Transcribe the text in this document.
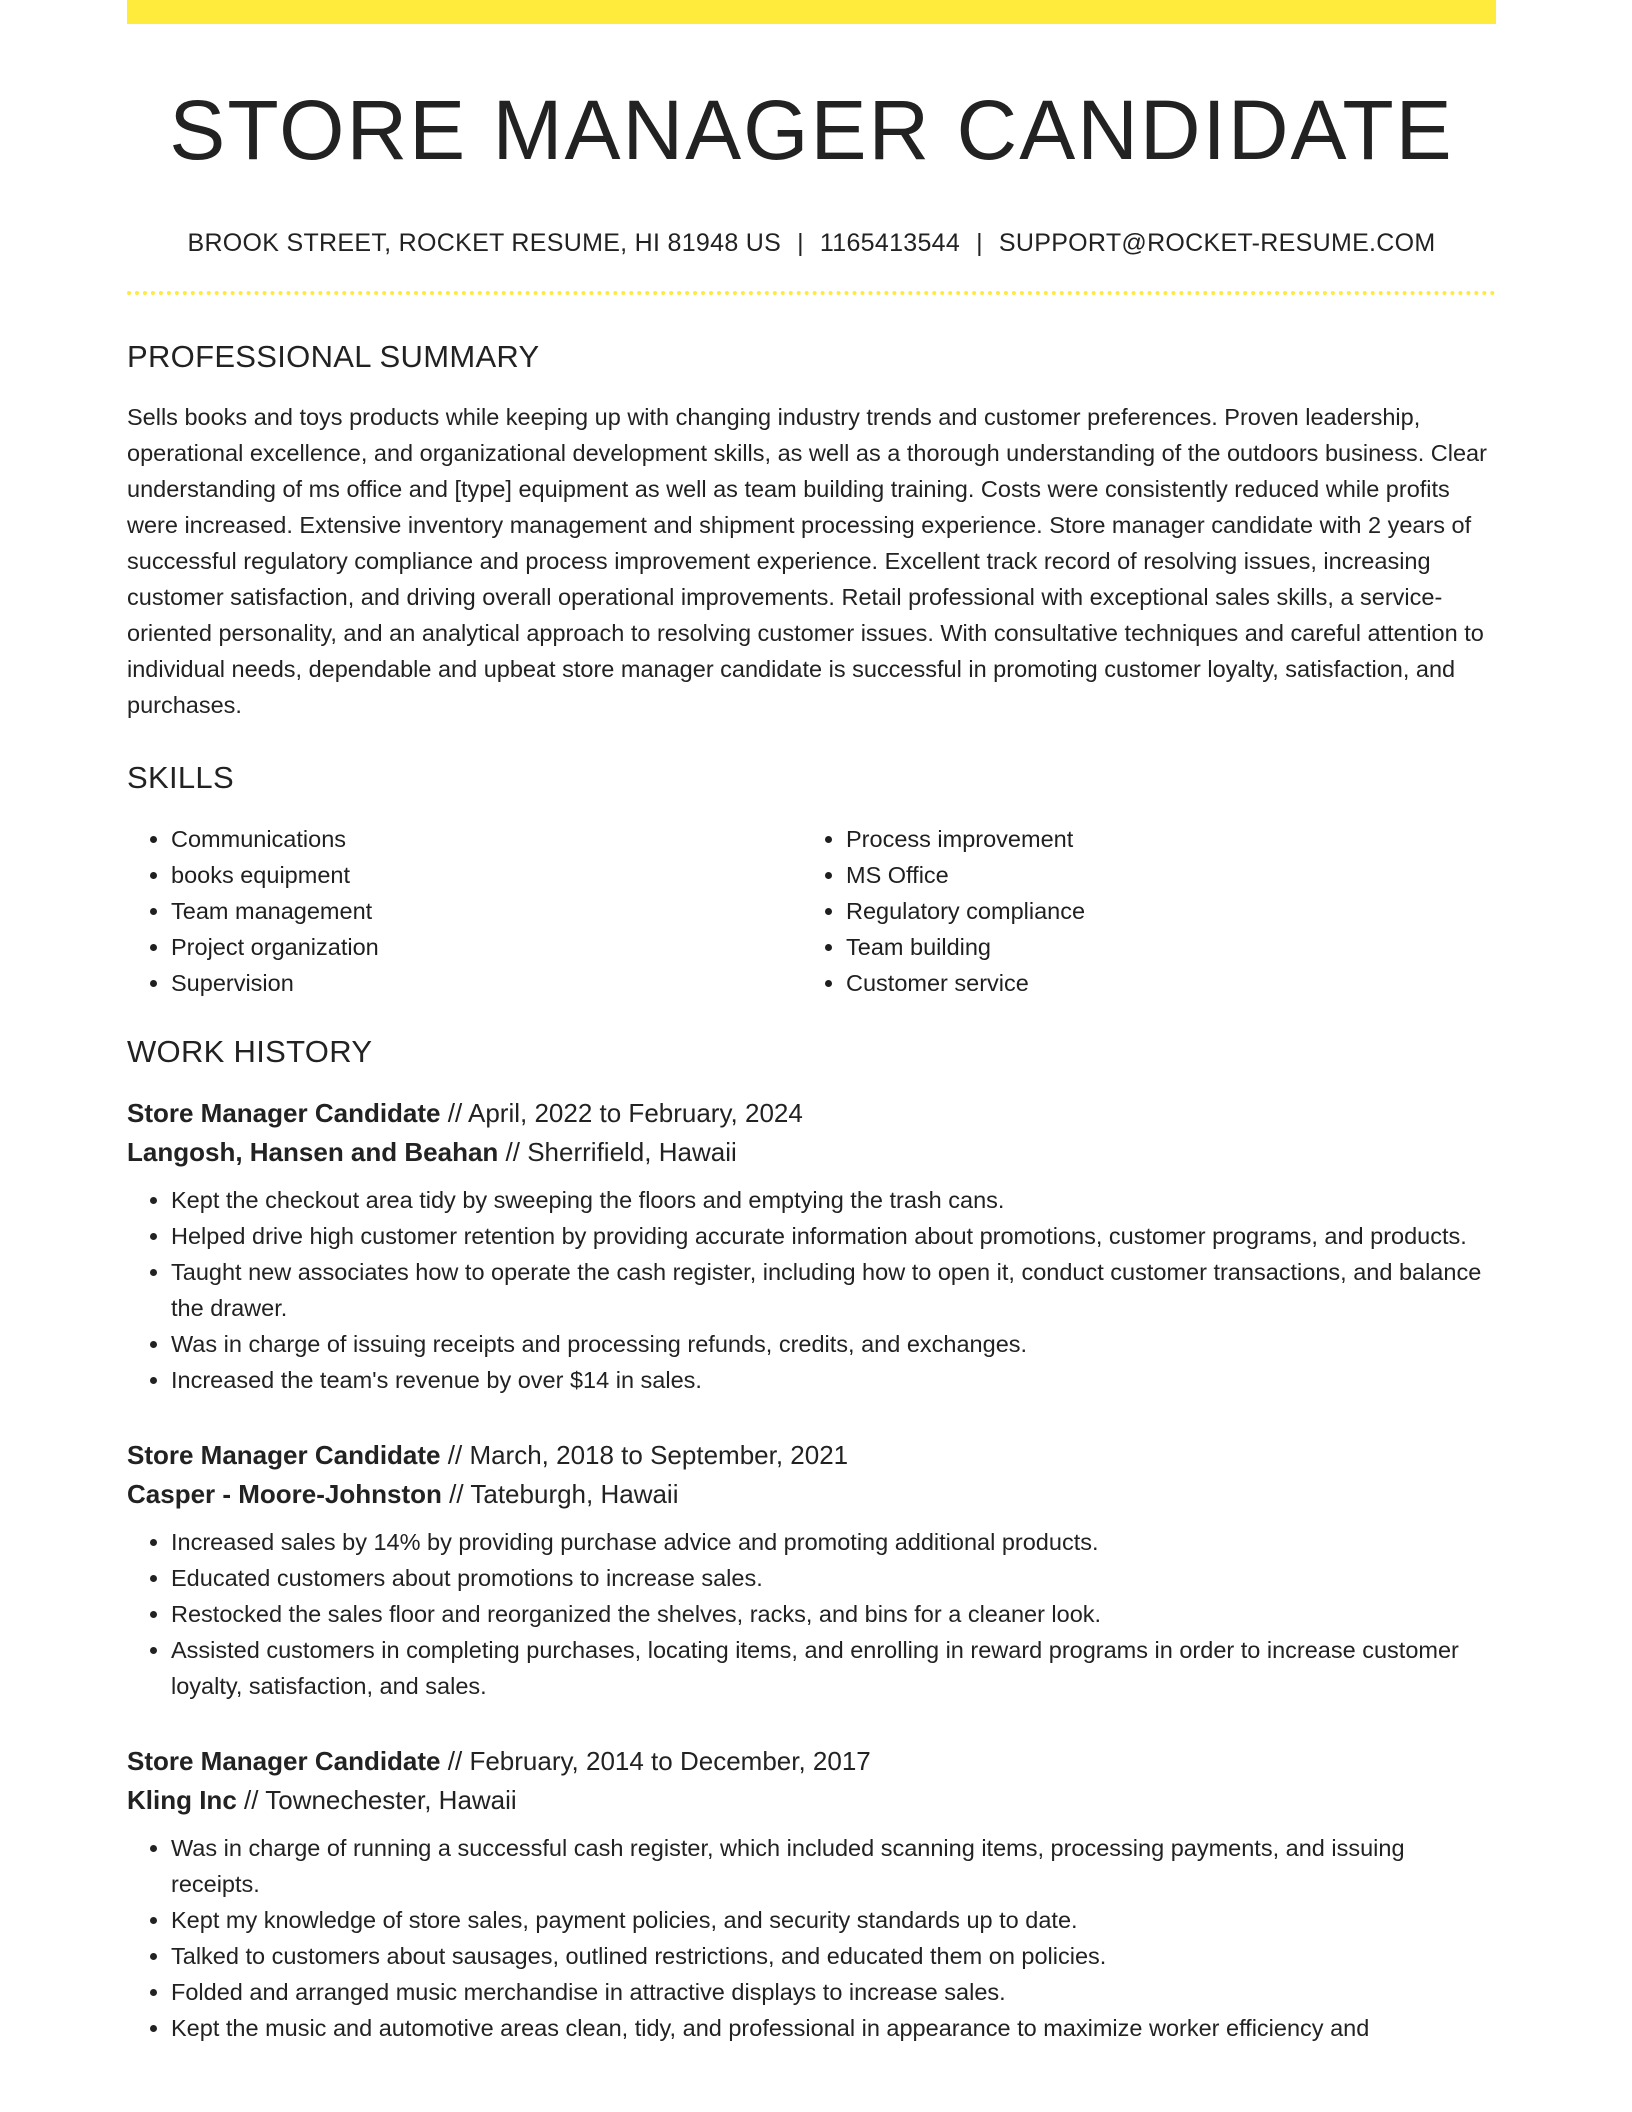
STORE MANAGER CANDIDATE
BROOK STREET, ROCKET RESUME, HI 81948 US | 1165413544 | SUPPORT@ROCKET-RESUME.COM
PROFESSIONAL SUMMARY
Sells books and toys products while keeping up with changing industry trends and customer preferences. Proven leadership, operational excellence, and organizational development skills, as well as a thorough understanding of the outdoors business. Clear understanding of ms office and [type] equipment as well as team building training. Costs were consistently reduced while profits were increased. Extensive inventory management and shipment processing experience. Store manager candidate with 2 years of successful regulatory compliance and process improvement experience. Excellent track record of resolving issues, increasing customer satisfaction, and driving overall operational improvements. Retail professional with exceptional sales skills, a service-oriented personality, and an analytical approach to resolving customer issues. With consultative techniques and careful attention to individual needs, dependable and upbeat store manager candidate is successful in promoting customer loyalty, satisfaction, and purchases.
SKILLS
• Communications
• books equipment
• Team management
• Project organization
• Supervision
• Process improvement
• MS Office
• Regulatory compliance
• Team building
• Customer service
WORK HISTORY
Store Manager Candidate // April, 2022 to February, 2024
Langosh, Hansen and Beahan // Sherrifield, Hawaii
• Kept the checkout area tidy by sweeping the floors and emptying the trash cans.
• Helped drive high customer retention by providing accurate information about promotions, customer programs, and products.
• Taught new associates how to operate the cash register, including how to open it, conduct customer transactions, and balance the drawer.
• Was in charge of issuing receipts and processing refunds, credits, and exchanges.
• Increased the team's revenue by over $14 in sales.
Store Manager Candidate // March, 2018 to September, 2021
Casper - Moore-Johnston // Tateburgh, Hawaii
• Increased sales by 14% by providing purchase advice and promoting additional products.
• Educated customers about promotions to increase sales.
• Restocked the sales floor and reorganized the shelves, racks, and bins for a cleaner look.
• Assisted customers in completing purchases, locating items, and enrolling in reward programs in order to increase customer loyalty, satisfaction, and sales.
Store Manager Candidate // February, 2014 to December, 2017
Kling Inc // Townechester, Hawaii
• Was in charge of running a successful cash register, which included scanning items, processing payments, and issuing receipts.
• Kept my knowledge of store sales, payment policies, and security standards up to date.
• Talked to customers about sausages, outlined restrictions, and educated them on policies.
• Folded and arranged music merchandise in attractive displays to increase sales.
• Kept the music and automotive areas clean, tidy, and professional in appearance to maximize worker efficiency and
